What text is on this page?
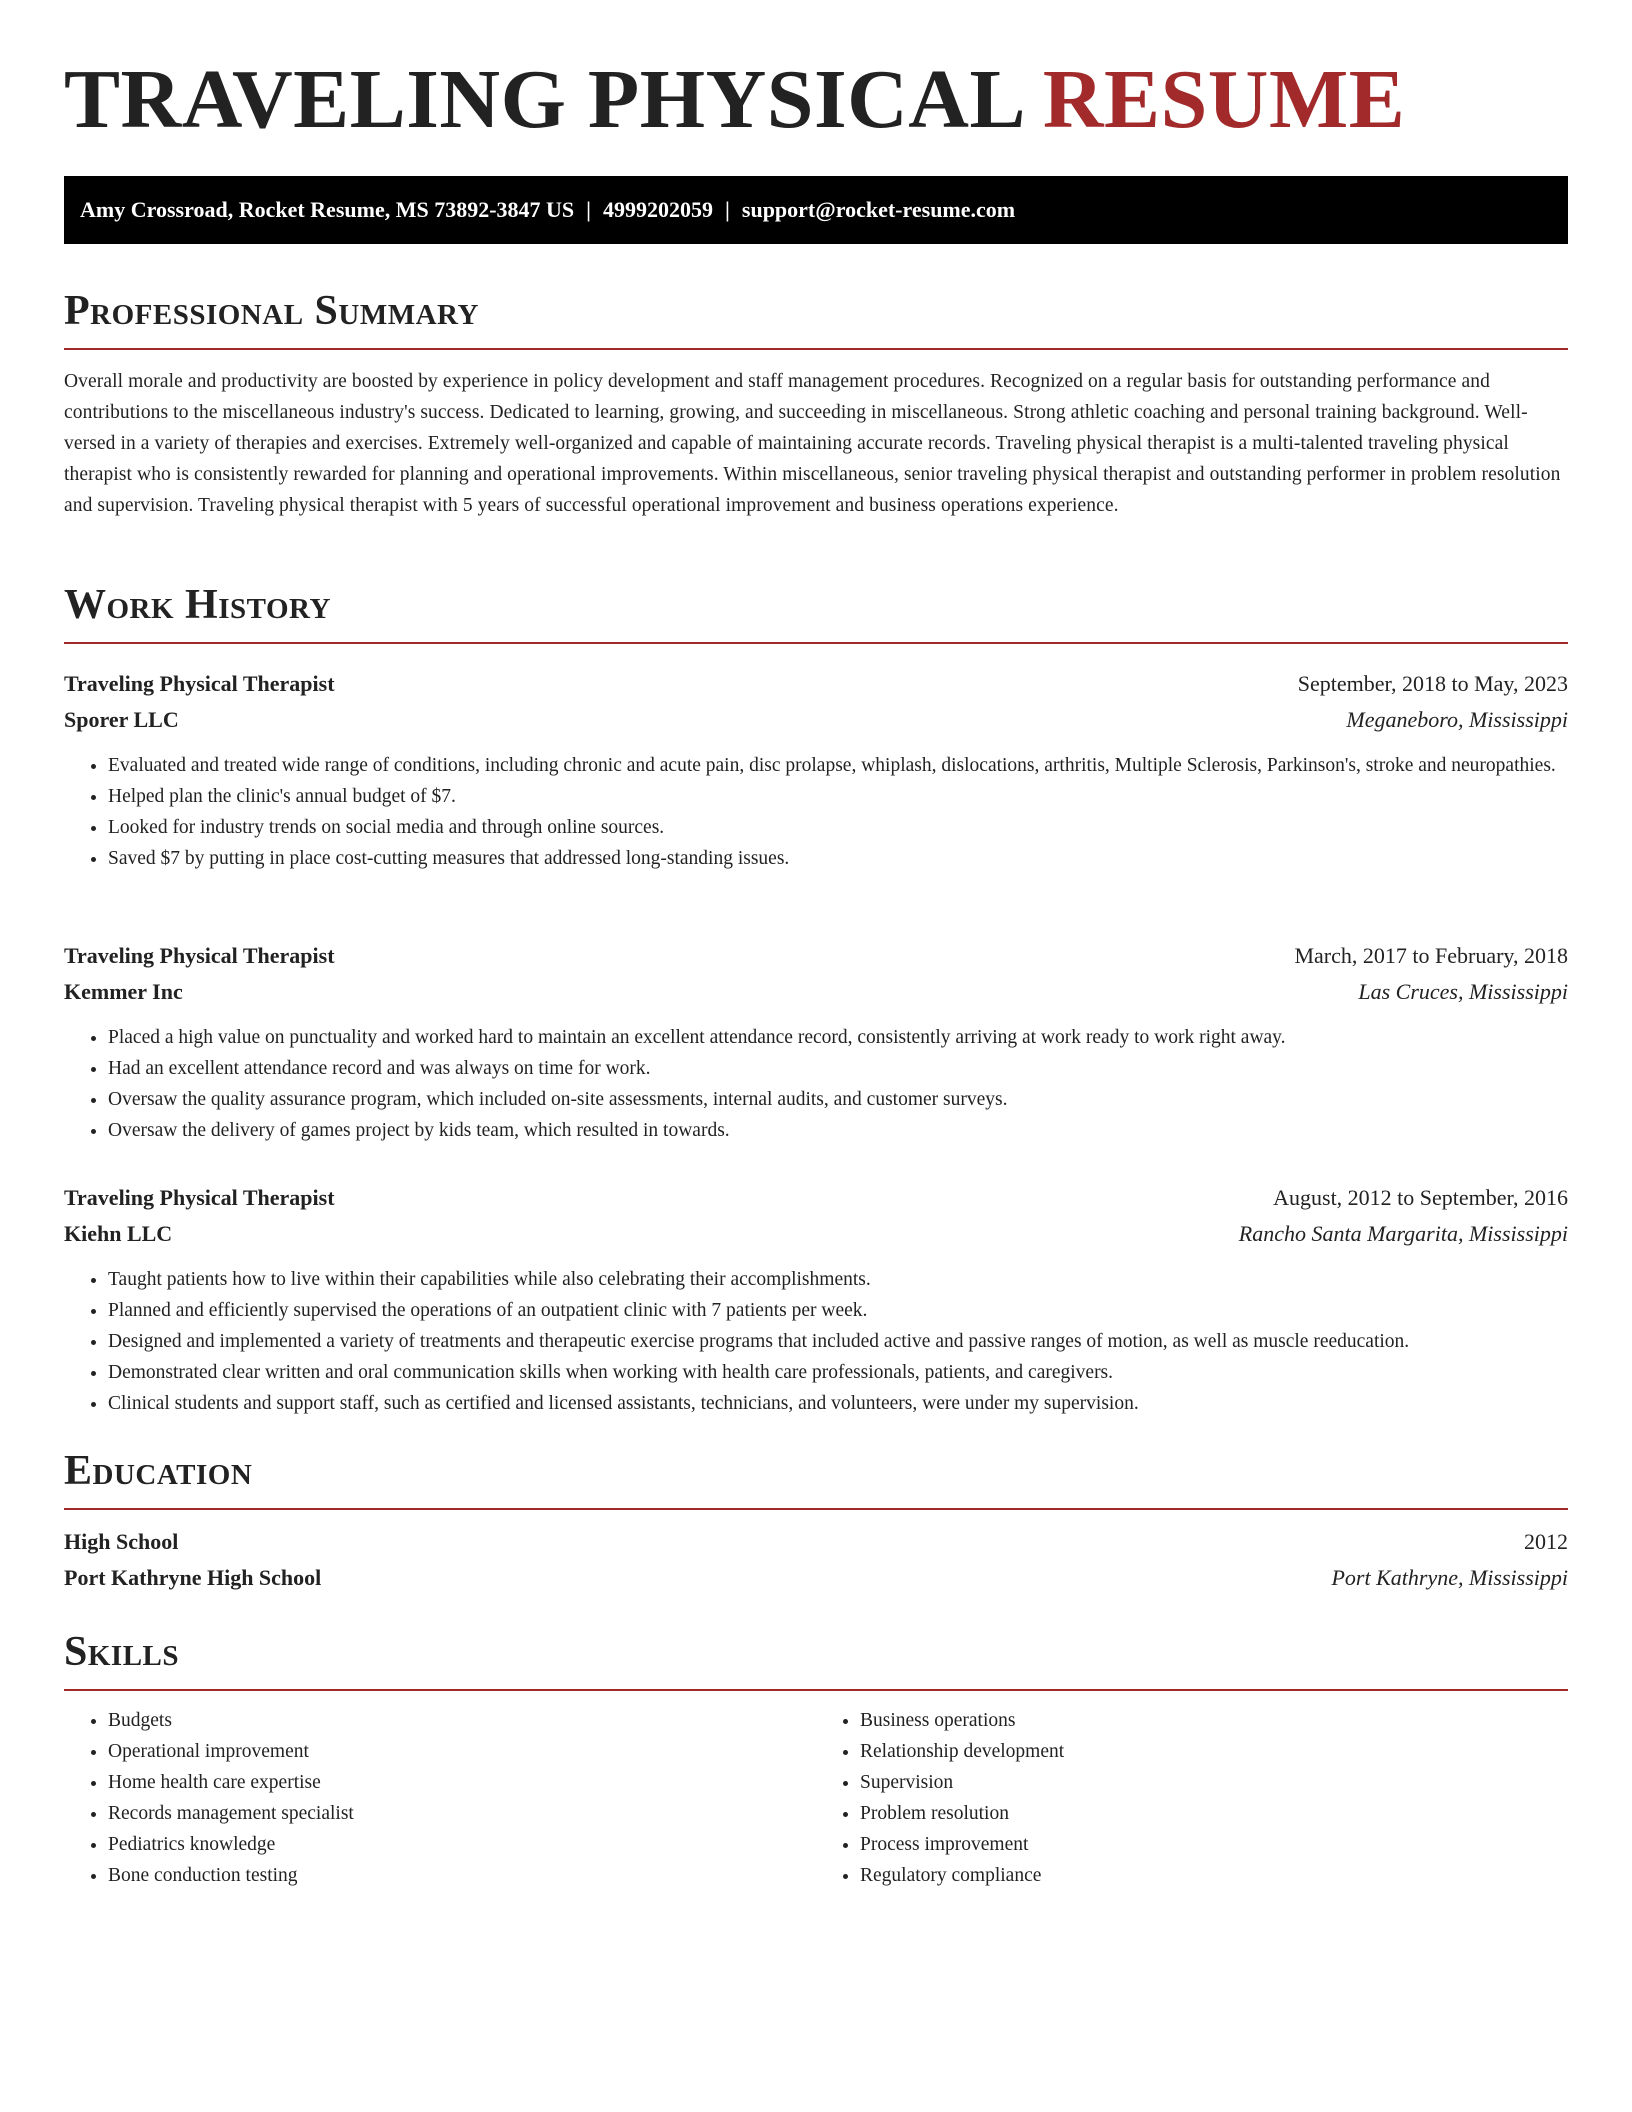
TRAVELING PHYSICAL RESUME
Amy Crossroad, Rocket Resume, MS 73892-3847 US | 4999202059 | support@rocket-resume.com
Professional Summary

Overall morale and productivity are boosted by experience in policy development and staff management procedures. Recognized on a regular basis for outstanding performance and contributions to the miscellaneous industry's success. Dedicated to learning, growing, and succeeding in miscellaneous. Strong athletic coaching and personal training background. Well-versed in a variety of therapies and exercises. Extremely well-organized and capable of maintaining accurate records. Traveling physical therapist is a multi-talented traveling physical therapist who is consistently rewarded for planning and operational improvements. Within miscellaneous, senior traveling physical therapist and outstanding performer in problem resolution and supervision. Traveling physical therapist with 5 years of successful operational improvement and business operations experience.

Work History
Traveling Physical Therapist	September, 2018 to May, 2023
Sporer LLC	Meganeboro, Mississippi
• Evaluated and treated wide range of conditions, including chronic and acute pain, disc prolapse, whiplash, dislocations, arthritis, Multiple Sclerosis, Parkinson's, stroke and neuropathies.
• Helped plan the clinic's annual budget of $7.
• Looked for industry trends on social media and through online sources.
• Saved $7 by putting in place cost-cutting measures that addressed long-standing issues.
Traveling Physical Therapist	March, 2017 to February, 2018
Kemmer Inc	Las Cruces, Mississippi
• Placed a high value on punctuality and worked hard to maintain an excellent attendance record, consistently arriving at work ready to work right away.
• Had an excellent attendance record and was always on time for work.
• Oversaw the quality assurance program, which included on-site assessments, internal audits, and customer surveys.
• Oversaw the delivery of games project by kids team, which resulted in towards.
Traveling Physical Therapist	August, 2012 to September, 2016
Kiehn LLC	Rancho Santa Margarita, Mississippi
• Taught patients how to live within their capabilities while also celebrating their accomplishments.
• Planned and efficiently supervised the operations of an outpatient clinic with 7 patients per week.
• Designed and implemented a variety of treatments and therapeutic exercise programs that included active and passive ranges of motion, as well as muscle reeducation.
• Demonstrated clear written and oral communication skills when working with health care professionals, patients, and caregivers.
• Clinical students and support staff, such as certified and licensed assistants, technicians, and volunteers, were under my supervision.
Education
High School	2012
Port Kathryne High School	Port Kathryne, Mississippi
Skills
• Budgets
• Operational improvement
• Home health care expertise
• Records management specialist
• Pediatrics knowledge
• Bone conduction testing
• Business operations
• Relationship development
• Supervision
• Problem resolution
• Process improvement
• Regulatory compliance
